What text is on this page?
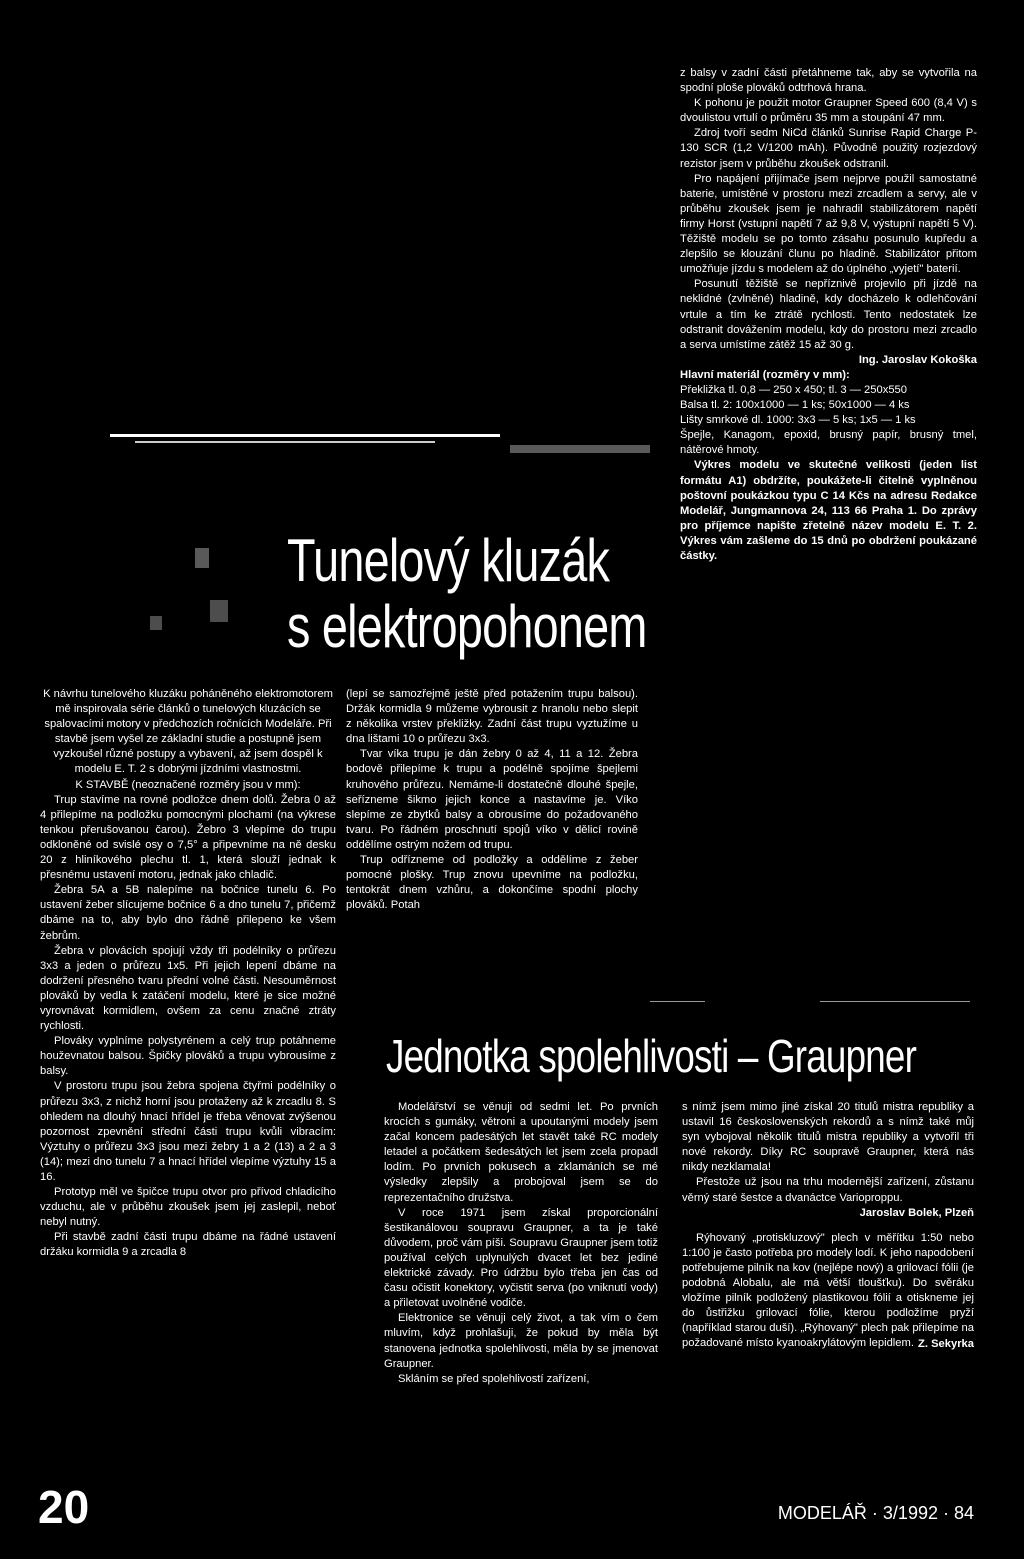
Tunelový kluzák
s elektropohonem

z balsy v zadní části přetáhneme tak, aby se vytvořila na spodní ploše plováků odtrhová hrana.

K pohonu je použit motor Graupner Speed 600 (8,4 V) s dvoulistou vrtulí o průměru 35 mm a stoupání 47 mm.

Zdroj tvoří sedm NiCd článků Sunrise Rapid Charge P-130 SCR (1,2 V/1200 mAh). Původně použitý rozjezdový rezistor jsem v průběhu zkoušek odstranil.

Pro napájení přijímače jsem nejprve použil samostatné baterie, umístěné v prostoru mezi zrcadlem a servy, ale v průběhu zkoušek jsem je nahradil stabilizátorem napětí firmy Horst (vstupní napětí 7 až 9,8 V, výstupní napětí 5 V). Těžiště modelu se po tomto zásahu posunulo kupředu a zlepšilo se klouzání člunu po hladině. Stabilizátor přitom umožňuje jízdu s modelem až do úplného „vyjetí" baterií.

Posunutí těžiště se nepříznivě projevilo při jízdě na neklidné (zvlněné) hladině, kdy docházelo k odlehčování vrtule a tím ke ztrátě rychlosti. Tento nedostatek lze odstranit dovážením modelu, kdy do prostoru mezi zrcadlo a serva umístíme zátěž 15 až 30 g.

Ing. Jaroslav Kokoška

Hlavní materiál (rozměry v mm):

Překližka tl. 0,8 — 250 x 450; tl. 3 — 250x550

Balsa tl. 2: 100x1000 — 1 ks; 50x1000 — 4 ks

Lišty smrkové dl. 1000: 3x3 — 5 ks; 1x5 — 1 ks

Špejle, Kanagom, epoxid, brusný papír, brusný tmel, nátěrové hmoty.

Výkres modelu ve skutečné velikosti (jeden list formátu A1) obdržíte, poukážete-li čitelně vyplněnou poštovní poukázkou typu C 14 Kčs na adresu Redakce Modelář, Jungmannova 24, 113 66 Praha 1. Do zprávy pro příjemce napište zřetelně název modelu E. T. 2. Výkres vám zašleme do 15 dnů po obdržení poukázané částky.

K návrhu tunelového kluzáku poháněného elektromotorem mě inspirovala série článků o tunelových kluzácích se spalovacími motory v předchozích ročnících Modeláře. Při stavbě jsem vyšel ze základní studie a postupně jsem vyzkoušel různé postupy a vybavení, až jsem dospěl k modelu E. T. 2 s dobrými jízdními vlastnostmi.

K STAVBĚ (neoznačené rozměry jsou v mm):

Trup stavíme na rovné podložce dnem dolů. Žebra 0 až 4 přilepíme na podložku pomocnými plochami (na výkrese tenkou přerušovanou čarou). Žebro 3 vlepíme do trupu odkloněné od svislé osy o 7,5° a připevníme na ně desku 20 z hliníkového plechu tl. 1, která slouží jednak k přesnému ustavení motoru, jednak jako chladič.

Žebra 5A a 5B nalepíme na bočnice tunelu 6. Po ustavení žeber slícujeme bočnice 6 a dno tunelu 7, přičemž dbáme na to, aby bylo dno řádně přilepeno ke všem žebrům.

Žebra v plovácích spojují vždy tři podélníky o průřezu 3x3 a jeden o průřezu 1x5. Při jejich lepení dbáme na dodržení přesného tvaru přední volné části. Nesouměrnost plováků by vedla k zatáčení modelu, které je sice možné vyrovnávat kormidlem, ovšem za cenu značné ztráty rychlosti.

Plovákу vyplníme polystyrénem a celý trup potáhneme houževnatou balsou. Špičky plováků a trupu vybrousíme z balsy.

V prostoru trupu jsou žebra spojena čtyřmi podélníky o průřezu 3x3, z nichž horní jsou protaženy až k zrcadlu 8. S ohledem na dlouhý hnací hřídel je třeba věnovat zvýšenou pozornost zpevnění střední části trupu kvůli vibracím: Výztuhy o průřezu 3x3 jsou mezi žebry 1 a 2 (13) a 2 a 3 (14); mezi dno tunelu 7 a hnací hřídel vlepíme výztuhy 15 a 16.

Prototyp měl ve špičce trupu otvor pro přívod chladicího vzduchu, ale v průběhu zkoušek jsem jej zaslepil, neboť nebyl nutný.

Při stavbě zadní části trupu dbáme na řádné ustavení držáku kormidla 9 a zrcadla 8

(lepí se samozřejmě ještě před potažením trupu balsou). Držák kormidla 9 můžeme vybrousit z hranolu nebo slepit z několika vrstev překližky. Zadní část trupu vyztužíme u dna lištami 10 o průřezu 3x3.

Tvar víka trupu je dán žebry 0 až 4, 11 a 12. Žebra bodově přilepíme k trupu a podélně spojíme špejlemi kruhového průřezu. Nemáme-li dostatečně dlouhé špejle, seříznеme šikmo jejich konce a nastavíme je. Víko slepíme ze zbytků balsy a obrousíme do požadovaného tvaru. Po řádném proschnutí spojů víko v dělicí rovině oddělíme ostrým nožem od trupu.

Trup odřízneme od podložky a oddělíme z žeber pomocné plošky. Trup znovu upevníme na podložku, tentokrát dnem vzhůru, a dokončíme spodní plochy plováků. Potah

Jednotka spolehlivosti – Graupner

Modelářství se věnuji od sedmi let. Po prvních krocích s gumáky, větroni a upoutanými modely jsem začal koncem padesátých let stavět také RC modely letadel a počátkem šedesátých let jsem zcela propadl lodím. Po prvních pokusech a zklamáních se mé výsledky zlepšily a probojoval jsem se do reprezentačního družstva.

V roce 1971 jsem získal proporcionální šestikanálovou soupravu Graupner, a ta je také důvodem, proč vám píši. Soupravu Graupner jsem totiž používal celých uplynulých dvacet let bez jediné elektrické závady. Pro údržbu bylo třeba jen čas od času očistit konektory, vyčistit serva (po vniknutí vody) a přiletovat uvolněné vodiče.

Elektronice se věnuji celý život, a tak vím o čem mluvím, když prohlašuji, že pokud by měla být stanovena jednotka spolehlivosti, měla by se jmenovat Graupner.

Skláním se před spolehlivostí zařízení,

s nímž jsem mimo jiné získal 20 titulů mistra republiky a ustavil 16 československých rekordů a s nímž také můj syn vybojoval několik titulů mistra republiky a vytvořil tři nové rekordy. Díky RC soupravě Graupner, která nás nikdy nezklamala!

Přestože už jsou na trhu modernější zařízení, zůstanu věrný staré šestce a dvanáctce Varioproppu.

Jaroslav Bolek, Plzeň

Rýhovaný „protiskluzový" plech v měřítku 1:50 nebo 1:100 je často potřeba pro modely lodí. K jeho napodobení potřebujeme pilník na kov (nejlépe nový) a grilovací fólii (je podobná Alobalu, ale má větší tloušťku). Do svěráku vložíme pilník podložený plastikovou fólií a otiskneme jej do ůstřižku grilovací fólie, kterou podložíme pryží (například starou duší). „Rýhovaný" plech pak přilepíme na požadované místo kyanoakrylátovým lepidlem. Z. Sekyrka

20	MODELÁŘ · 3/1992 · 84
